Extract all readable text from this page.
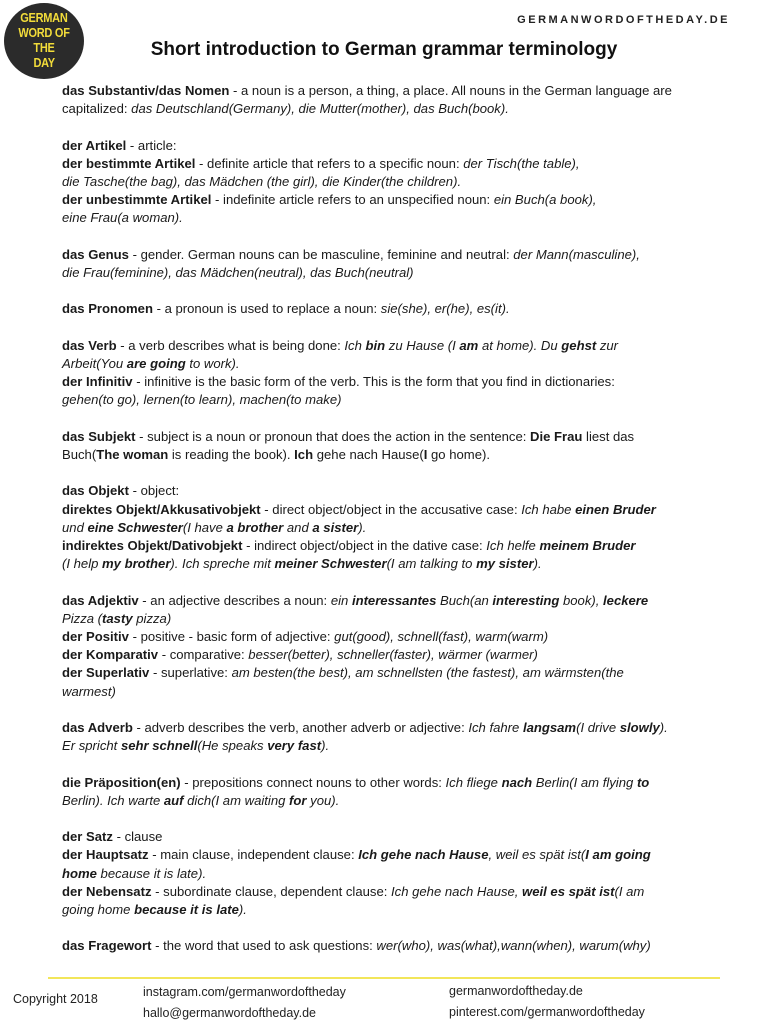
GERMAN
WORD OF THE
DAY
GERMANWORDOFTHEDAY.DE
Short introduction to German grammar terminology
das Substantiv/das Nomen - a noun is a person, a thing, a place. All nouns in the German language are
capitalized: das Deutschland(Germany), die Mutter(mother), das Buch(book).
der Artikel - article:
der bestimmte Artikel - definite article that refers to a specific noun: der Tisch(the table),
die Tasche(the bag), das Mädchen (the girl), die Kinder(the children).
der unbestimmte Artikel - indefinite article refers to an unspecified noun: ein Buch(a book),
eine Frau(a woman).
das Genus - gender. German nouns can be masculine, feminine and neutral: der Mann(masculine),
die Frau(feminine), das Mädchen(neutral), das Buch(neutral)
das Pronomen - a pronoun is used to replace a noun: sie(she), er(he), es(it).
das Verb - a verb describes what is being done: Ich bin zu Hause (I am at home). Du gehst zur
Arbeit(You are going to work).
der Infinitiv - infinitive is the basic form of the verb. This is the form that you find in dictionaries:
gehen(to go), lernen(to learn), machen(to make)
das Subjekt - subject is a noun or pronoun that does the action in the sentence: Die Frau liest das
Buch(The woman is reading the book). Ich gehe nach Hause(I go home).
das Objekt - object:
direktes Objekt/Akkusativobjekt - direct object/object in the accusative case: Ich habe einen Bruder
und eine Schwester(I have a brother and a sister).
indirektes Objekt/Dativobjekt - indirect object/object in the dative case: Ich helfe meinem Bruder
(I help my brother). Ich spreche mit meiner Schwester(I am talking to my sister).
das Adjektiv - an adjective describes a noun: ein interessantes Buch(an interesting book), leckere
Pizza (tasty pizza)
der Positiv - positive - basic form of adjective: gut(good), schnell(fast), warm(warm)
der Komparativ - comparative: besser(better), schneller(faster), wärmer (warmer)
der Superlativ - superlative: am besten(the best), am schnellsten (the fastest), am wärmsten(the
warmest)
das Adverb - adverb describes the verb, another adverb or adjective: Ich fahre langsam(I drive slowly).
Er spricht sehr schnell(He speaks very fast).
die Präposition(en) - prepositions connect nouns to other words: Ich fliege nach Berlin(I am flying to
Berlin). Ich warte auf dich(I am waiting for you).
der Satz - clause
der Hauptsatz - main clause, independent clause: Ich gehe nach Hause, weil es spät ist(I am going
home because it is late).
der Nebensatz - subordinate clause, dependent clause: Ich gehe nach Hause, weil es spät ist(I am
going home because it is late).
das Fragewort - the word that used to ask questions: wer(who), was(what),wann(when), warum(why)
Copyright 2018	instagram.com/germanwordoftheday
hallo@germanwordoftheday.de
germanwordoftheday.de
pinterest.com/germanwordoftheday
